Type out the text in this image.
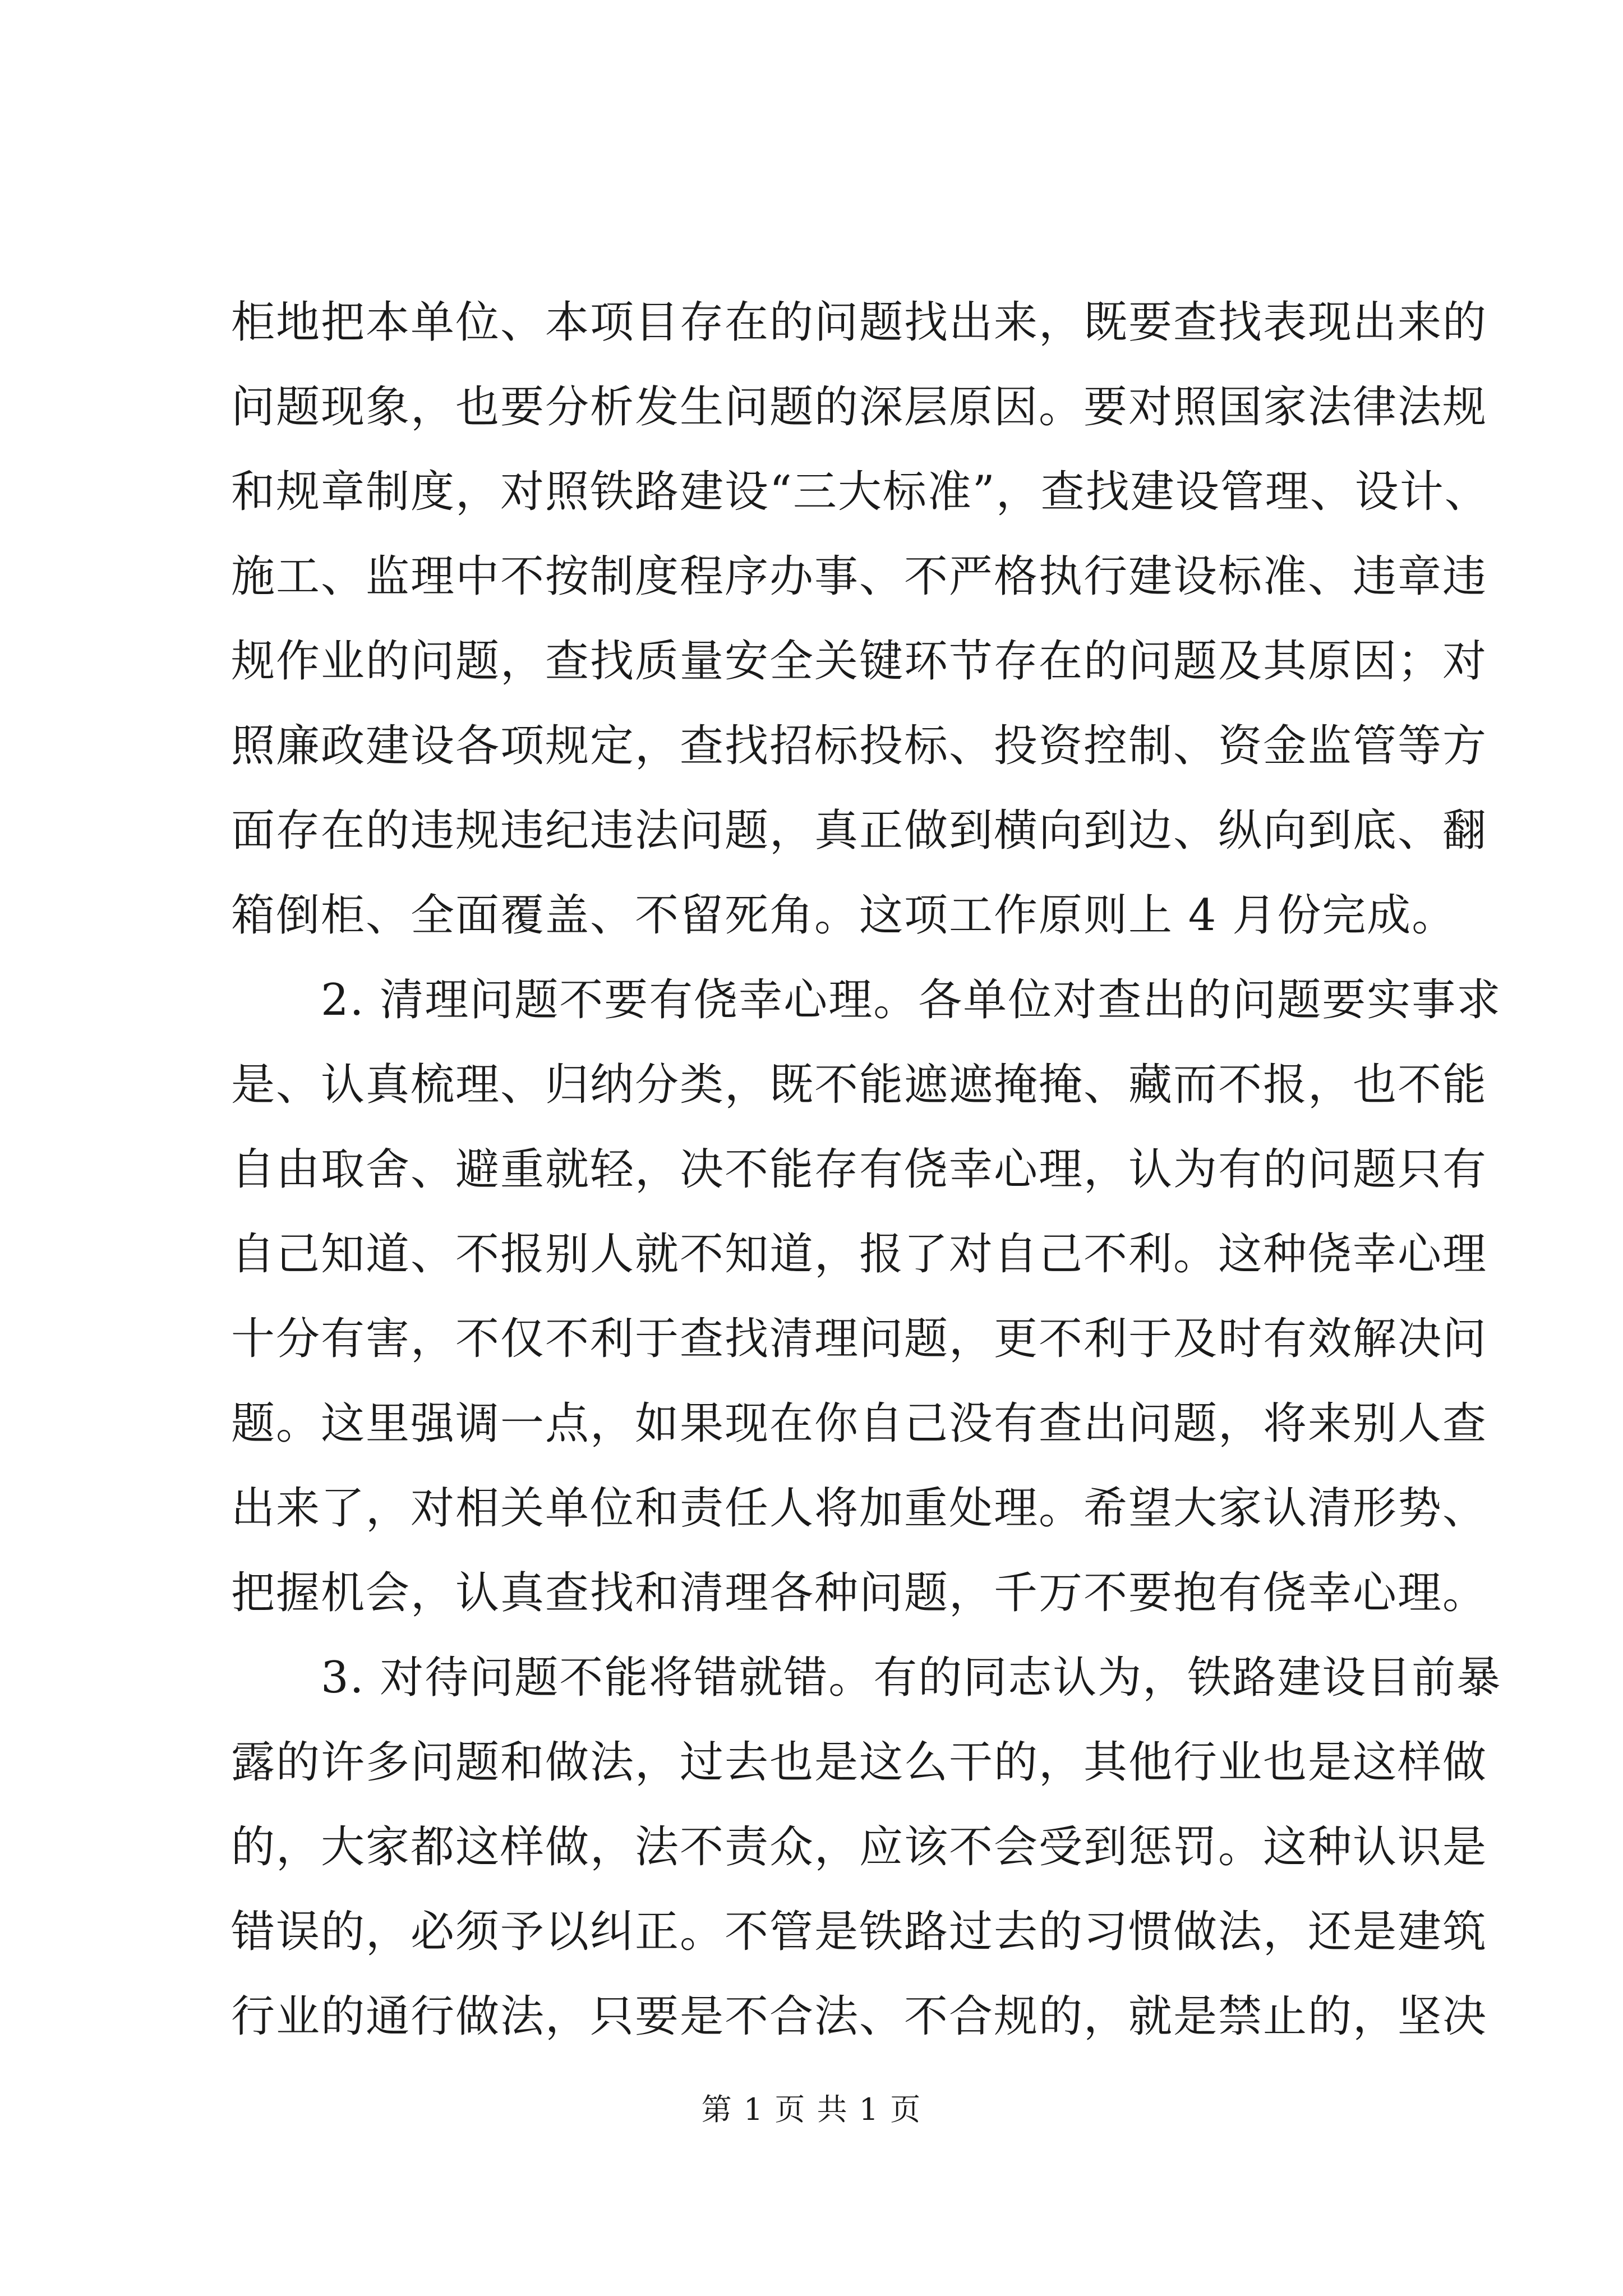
柜地把本单位、本项目存在的问题找出来，既要查找表现出来的
问题现象，也要分析发生问题的深层原因。要对照国家法律法规
和规章制度，对照铁路建设“三大标准”，查找建设管理、设计、
施工、监理中不按制度程序办事、不严格执行建设标准、违章违
规作业的问题，查找质量安全关键环节存在的问题及其原因；对
照廉政建设各项规定，查找招标投标、投资控制、资金监管等方
面存在的违规违纪违法问题，真正做到横向到边、纵向到底、翻
箱倒柜、全面覆盖、不留死角。这项工作原则上 4 月份完成。
2. 清理问题不要有侥幸心理。各单位对查出的问题要实事求
是、认真梳理、归纳分类，既不能遮遮掩掩、藏而不报，也不能
自由取舍、避重就轻，决不能存有侥幸心理，认为有的问题只有
自己知道、不报别人就不知道，报了对自己不利。这种侥幸心理
十分有害，不仅不利于查找清理问题，更不利于及时有效解决问
题。这里强调一点，如果现在你自己没有查出问题，将来别人查
出来了，对相关单位和责任人将加重处理。希望大家认清形势、
把握机会，认真查找和清理各种问题，千万不要抱有侥幸心理。
3. 对待问题不能将错就错。有的同志认为，铁路建设目前暴
露的许多问题和做法，过去也是这么干的，其他行业也是这样做
的，大家都这样做，法不责众，应该不会受到惩罚。这种认识是
错误的，必须予以纠正。不管是铁路过去的习惯做法，还是建筑
行业的通行做法，只要是不合法、不合规的，就是禁止的，坚决
第 1 页 共 1 页
